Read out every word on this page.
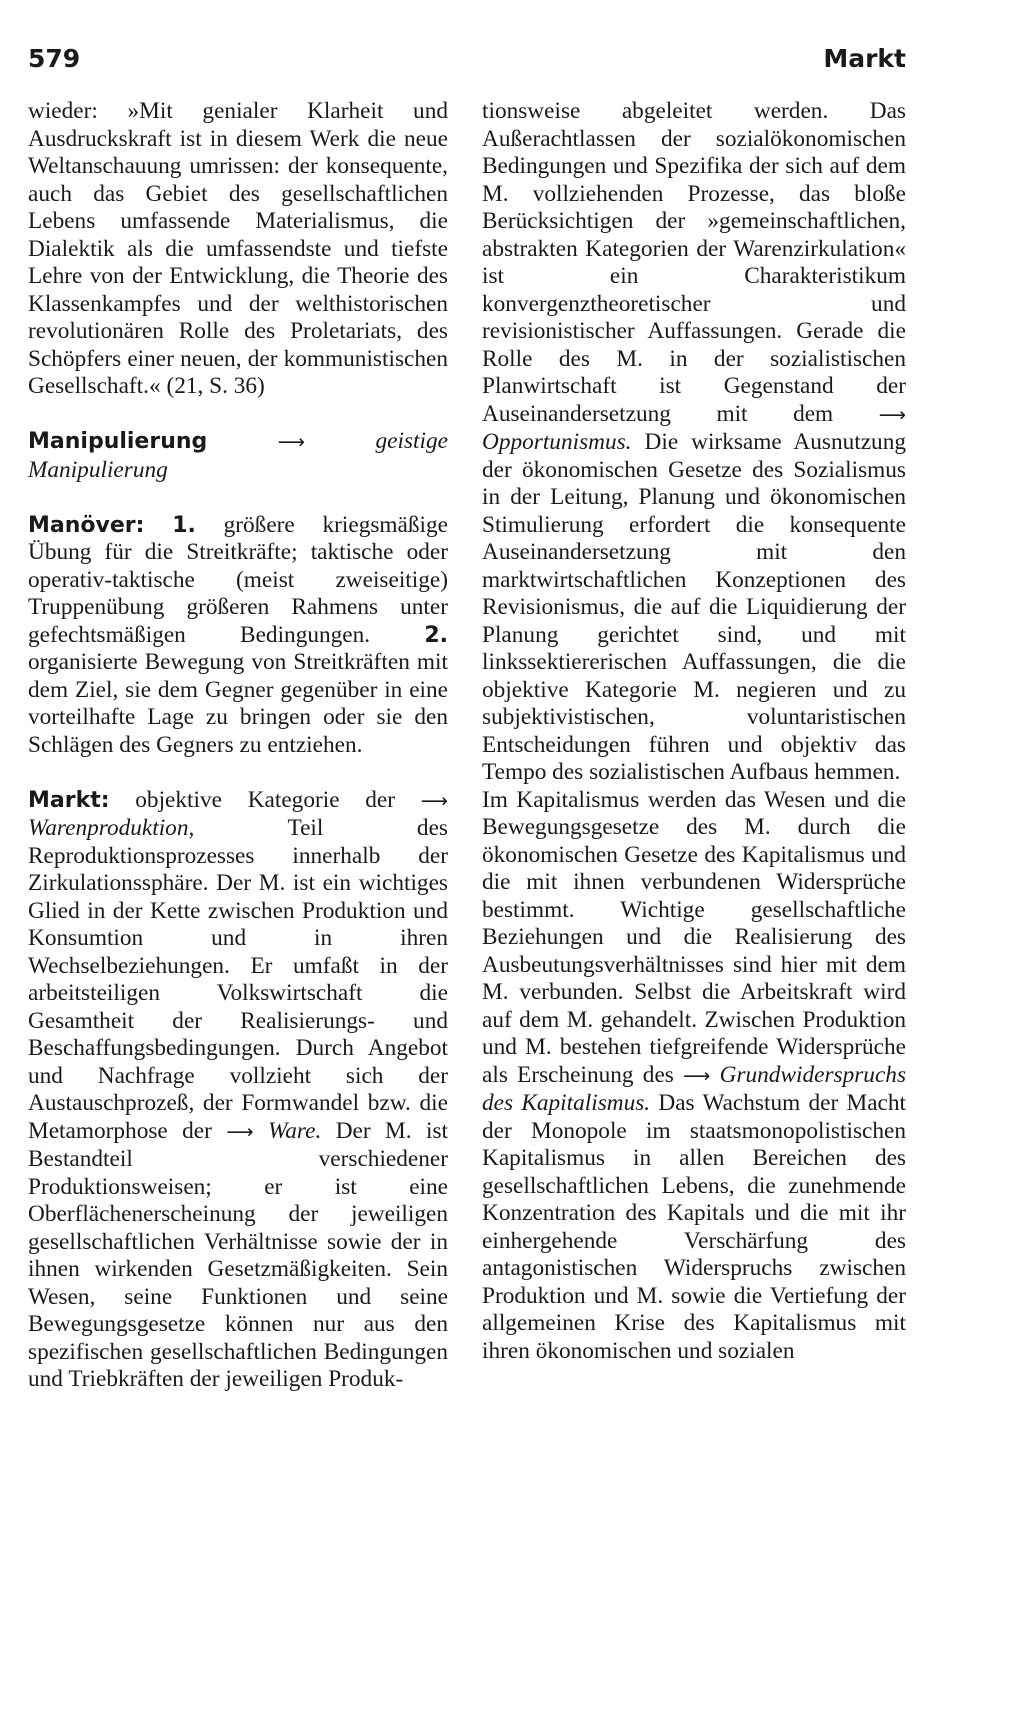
579	Markt

wieder: »Mit genialer Klarheit und Ausdruckskraft ist in diesem Werk die neue Weltanschauung umrissen: der konsequente, auch das Gebiet des gesellschaftlichen Lebens umfassende Materialismus, die Dialektik als die umfassendste und tiefste Lehre von der Entwicklung, die Theorie des Klassenkampfes und der welthistorischen revolutionären Rolle des Proletariats, des Schöpfers einer neuen, der kommunistischen Gesellschaft.« (21, S. 36)

Manipulierung	⟶	geistige Manipulierung

Manöver: 1. größere kriegsmäßige Übung für die Streitkräfte; taktische oder operativ-taktische (meist zweiseitige) Truppenübung größeren Rahmens unter gefechtsmäßigen Bedingungen. 2. organisierte Bewegung von Streitkräften mit dem Ziel, sie dem Gegner gegenüber in eine vorteilhafte Lage zu bringen oder sie den Schlägen des Gegners zu entziehen.

Markt: objektive Kategorie der ⟶ Warenproduktion,	Teil des Reproduktionsprozesses innerhalb der Zirkulationssphäre. Der M. ist ein wichtiges Glied in der Kette zwischen Produktion und Konsumtion und in ihren Wechselbeziehungen. Er umfaßt in der arbeitsteiligen Volkswirtschaft die Gesamtheit der Realisierungs- und Beschaffungsbedingungen. Durch Angebot und Nachfrage vollzieht sich der Austauschprozeß, der Formwandel bzw. die Metamorphose der ⟶ Ware. Der M. ist Bestandteil verschiedener Produktionsweisen; er ist eine Oberflächenerscheinung der jeweiligen gesellschaftlichen Verhältnisse sowie der in ihnen wirkenden Gesetzmäßigkeiten. Sein Wesen, seine Funktionen und seine Bewegungsgesetze können nur aus den spezifischen gesellschaftlichen Bedingungen und Triebkräften der jeweiligen Produk-

tionsweise abgeleitet werden. Das Außerachtlassen der sozialökonomischen Bedingungen und Spezifika der sich auf dem M. vollziehenden Prozesse, das bloße Berücksichtigen der »gemeinschaftlichen, abstrakten Kategorien der Warenzirkulation« ist ein Charakteristikum konvergenztheoretischer und revisionistischer Auffassungen. Gerade die Rolle des M. in der sozialistischen Planwirtschaft ist Gegenstand der Auseinandersetzung mit dem ⟶ Opportunismus. Die wirksame Ausnutzung der ökonomischen Gesetze des Sozialismus in der Leitung, Planung und ökonomischen Stimulierung erfordert die konsequente Auseinandersetzung mit den marktwirtschaftlichen Konzeptionen des Revisionismus, die auf die Liquidierung der Planung gerichtet sind, und mit linkssektiererischen Auffassungen, die die objektive Kategorie M. negieren und zu subjektivistischen, voluntaristischen Entscheidungen führen und objektiv das Tempo des sozialistischen Aufbaus hemmen.

Im Kapitalismus werden das Wesen und die Bewegungsgesetze des M. durch die ökonomischen Gesetze des Kapitalismus und die mit ihnen verbundenen Widersprüche bestimmt. Wichtige gesellschaftliche Beziehungen und die Realisierung des Ausbeutungsverhältnisses sind hier mit dem M. verbunden. Selbst die Arbeitskraft wird auf dem M. gehandelt. Zwischen Produktion und M. bestehen tiefgreifende Widersprüche als Erscheinung des ⟶ Grundwiderspruchs des Kapitalismus. Das Wachstum der Macht der Monopole im staatsmonopolistischen Kapitalismus in allen Bereichen des gesellschaftlichen Lebens, die zunehmende Konzentration des Kapitals und die mit ihr einhergehende Verschärfung des antagonistischen Widerspruchs zwischen Produktion und M. sowie die Vertiefung der allgemeinen Krise des Kapitalismus mit ihren ökonomischen und sozialen
